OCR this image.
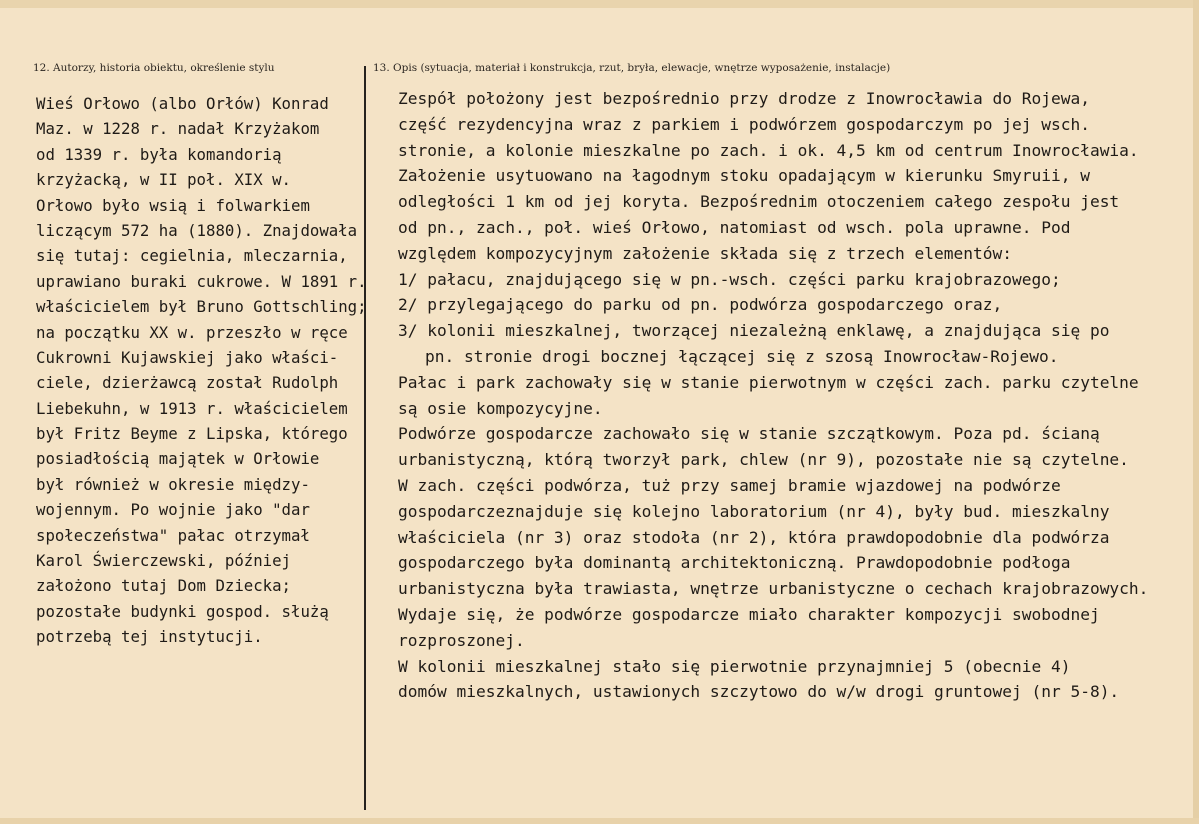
12. Autorzy, historia obiektu, określenie stylu	13. Opis (sytuacja, materiał i konstrukcja, rzut, bryła, elewacje, wnętrze wyposażenie, instalacje)
Wieś Orłowo (albo Orłów) Konrad
Maz. w 1228 r. nadał Krzyżakom
od 1339 r. była komandorią
krzyżacką, w II poł. XIX w.
Orłowo było wsią i folwarkiem
liczącym 572 ha (1880). Znajdowała
się tutaj: cegielnia, mleczarnia,
uprawiano buraki cukrowe. W 1891 r.
właścicielem był Bruno Gottschling;
na początku XX w. przeszło w ręce
Cukrowni Kujawskiej jako właści-
ciele, dzierżawcą został Rudolph
Liebekuhn, w 1913 r. właścicielem
był Fritz Beyme z Lipska, którego
posiadłością majątek w Orłowie
był również w okresie między-
wojennym. Po wojnie jako "dar
społeczeństwa" pałac otrzymał
Karol Świerczewski, później
założono tutaj Dom Dziecka;
pozostałe budynki gospod. służą
potrzebą tej instytucji.
Zespół położony jest bezpośrednio przy drodze z Inowrocławia do Rojewa,
część rezydencyjna wraz z parkiem i podwórzem gospodarczym po jej wsch.
stronie, a kolonie mieszkalne po zach. i ok. 4,5 km od centrum Inowrocławia.
Założenie usytuowano na łagodnym stoku opadającym w kierunku Smyruii, w
odległości 1 km od jej koryta. Bezpośrednim otoczeniem całego zespołu jest
od pn., zach., poł. wieś Orłowo, natomiast od wsch. pola uprawne. Pod
względem kompozycyjnym założenie składa się z trzech elementów:
1/ pałacu, znajdującego się w pn.-wsch. części parku krajobrazowego;
2/ przylegającego do parku od pn. podwórza gospodarczego oraz,
3/ kolonii mieszkalnej, tworzącej niezależną enklawę, a znajdująca się po
pn. stronie drogi bocznej łączącej się z szosą Inowrocław-Rojewo.
Pałac i park zachowały się w stanie pierwotnym w części zach. parku czytelne
są osie kompozycyjne.
Podwórze gospodarcze zachowało się w stanie szczątkowym. Poza pd. ścianą
urbanistyczną, którą tworzył park, chlew (nr 9), pozostałe nie są czytelne.
W zach. części podwórza, tuż przy samej bramie wjazdowej na podwórze
gospodarczeznajduje się kolejno laboratorium (nr 4), były bud. mieszkalny
właściciela (nr 3) oraz stodoła (nr 2), która prawdopodobnie dla podwórza
gospodarczego była dominantą architektoniczną. Prawdopodobnie podłoga
urbanistyczna była trawiasta, wnętrze urbanistyczne o cechach krajobrazowych.
Wydaje się, że podwórze gospodarcze miało charakter kompozycji swobodnej
rozproszonej.
W kolonii mieszkalnej stało się pierwotnie przynajmniej 5 (obecnie 4)
domów mieszkalnych, ustawionych szczytowo do w/w drogi gruntowej (nr 5-8).
